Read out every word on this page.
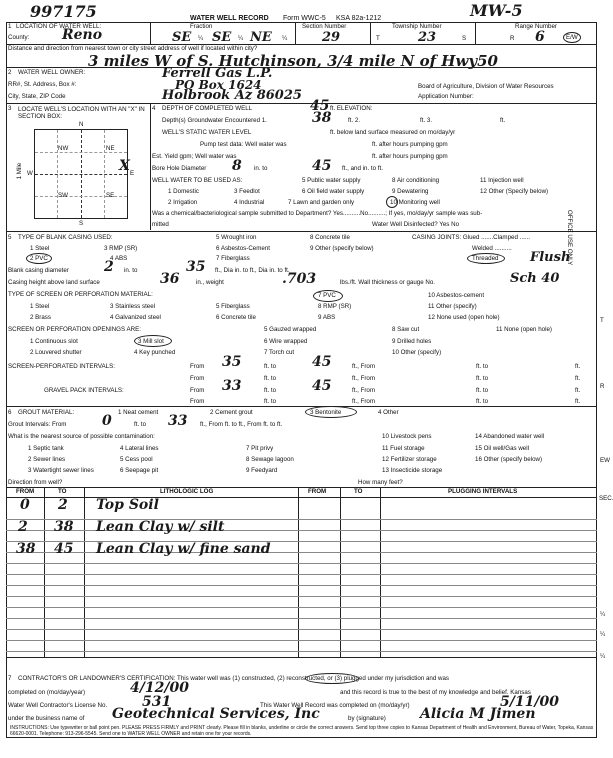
997175	MW-5
WATER WELL RECORD Form WWC-5 KSA 82a-1212
1 LOCATION OF WATER WELL:
County: Reno
Fraction
SE ¼ SE ¼ NE ¼
Section Number
29
Township Number
T	23	S
Range Number
R 6	E/W
Distance and direction from nearest town or city street address of well if located within city?
3 miles W of S. Hutchinson, 3/4 mile N of Hwy50
2 WATER WELL OWNER:	Ferrell Gas L.P.
RR#, St. Address, Box #:	PO Box 1624
City, State, ZIP Code	Holbrook Az 86025
Board of Agriculture, Division of Water Resources
Application Number:
3 LOCATE WELL'S LOCATION WITH AN "X" IN SECTION BOX:
N
NW	NE
SW	SE
W	E
S
1 Mile	X
4 DEPTH OF COMPLETED WELL	45 ft. ELEVATION:
Depth(s) Groundwater Encountered 1.	38	ft. 2.	ft. 3.	ft.
WELL'S STATIC WATER LEVEL	ft. below land surface measured on mo/day/yr
Pump test data: Well water was	ft. after hours pumping gpm
Est. Yield gpm; Well water was	ft. after hours pumping gpm
Bore Hole Diameter 8 in. to	45 ft., and in. to ft.
WELL WATER TO BE USED AS:	5 Public water supply	8 Air conditioning	11 Injection well
1 Domestic	3 Feedlot	6 Oil field water supply	9 Dewatering	12 Other (Specify below)
2 Irrigation	4 Industrial	7 Lawn and garden only	10 Monitoring well
Was a chemical/bacteriological sample submitted to Department? Yes..........No..........; If yes, mo/day/yr sample was sub-
mitted	Water Well Disinfected? Yes No
5 TYPE OF BLANK CASING USED:
1 Steel	3 RMP (SR)
5 Wrought iron	8 Concrete tile
2 PVC	4 ABS
6 Asbestos-Cement	9 Other (specify below)
7 Fiberglass
CASING JOINTS: Glued .......Clamped ......
Welded ..........
Threaded Flush
Blank casing diameter	2 in. to	35 ft., Dia in. to ft., Dia in. to ft.
Casing height above land surface	36	in., weight	.703	lbs./ft. Wall thickness or gauge No.	Sch 40
TYPE OF SCREEN OR PERFORATION MATERIAL:
1 Steel	3 Stainless steel	5 Fiberglass
7 PVC	10 Asbestos-cement
2 Brass	4 Galvanized steel	6 Concrete tile
8 RMP (SR)	11 Other (specify)
9 ABS	12 None used (open hole)
SCREEN OR PERFORATION OPENINGS ARE:	5 Gauzed wrapped	8 Saw cut	11 None (open hole)
1 Continuous slot	3 Mill slot	6 Wire wrapped	9 Drilled holes
2 Louvered shutter	4 Key punched	7 Torch cut	10 Other (specify)
SCREEN-PERFORATED INTERVALS:	From 35	ft. to	45	ft., From	ft. to	ft.
From	ft. to	ft., From	ft. to	ft.
GRAVEL PACK INTERVALS:	From 33	ft. to	45	ft., From	ft. to	ft.
From	ft. to	ft., From	ft. to	ft.
6 GROUT MATERIAL:	1 Neat cement	2 Cement grout	3 Bentonite	4 Other
Grout Intervals: From	0	ft. to 33 ft., From ft. to ft., From ft. to ft.
What is the nearest source of possible contamination:	10 Livestock pens	14 Abandoned water well
1 Septic tank	4 Lateral lines	7 Pit privy	11 Fuel storage	15 Oil well/Gas well
2 Sewer lines	5 Cess pool	8 Sewage lagoon	12 Fertilizer storage	16 Other (specify below)
3 Watertight sewer lines	6 Seepage pit	9 Feedyard	13 Insecticide storage
Direction from well?	How many feet?
FROM	TO	LITHOLOGIC LOG	FROM	TO	PLUGGING INTERVALS
0 2 Top Soil
2 38 Lean Clay w/ silt
38 45 Lean Clay w/ fine sand
7 CONTRACTOR'S OR LANDOWNER'S CERTIFICATION: This water well was (1) constructed, (2) reconstructed, or (3) plugged under my jurisdiction and was
completed on (mo/day/year)	4/12/00	and this record is true to the best of my knowledge and belief. Kansas
Water Well Contractor's License No. 531	This Water Well Record was completed on (mo/day/yr)	5/11/00
under the business name of Geotechnical Services, Inc	by (signature) Alicia M Jimen
INSTRUCTIONS: Use typewriter or ball point pen. PLEASE PRESS FIRMLY and PRINT clearly. Please fill in blanks, underline or circle the correct answers. Send top three copies to Kansas Department of Health and Environment, Bureau of Water, Topeka, Kansas 66620-0001. Telephone: 913-296-5545. Send one to WATER WELL OWNER and retain one for your records.
OFFICE USE ONLY
T
R
EW
SEC.
¼
¼
¼
